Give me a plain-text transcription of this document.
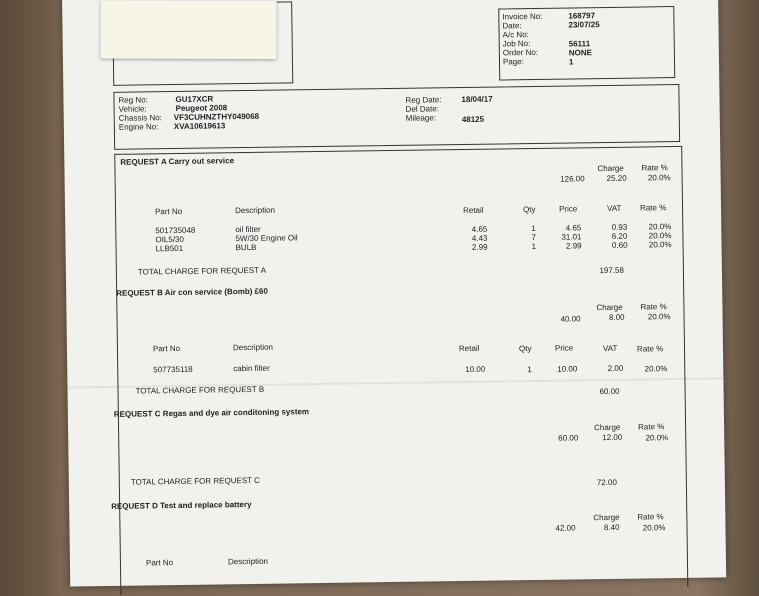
Invoice No:	168797
Date:	23/07/25
A/c No:
Job No:	56111
Order No:	NONE
Page:	1
Reg No:	GU17XCR
Vehicle:	Peugeot 2008
Chassis No: VF3CUHNZTHY049068
Engine No: XVA10619613
Reg Date: 18/04/17
Del Date:
Mileage:	48125
REQUEST A Carry out service
Charge Rate %
126.00	25.20	20.0%
Part No	Description	Retail	Qty	Price	VAT Rate %
501735048	oil filter	4.65	1	4.65	0.93	20.0%
OIL5/30	5W/30 Engine Oil	4.43	7	31.01	6.20	20.0%
LLB501	BULB	2.99	1	2.99	0.60	20.0%
TOTAL CHARGE FOR REQUEST A	197.58
REQUEST B Air con service (Bomb) £60
Charge Rate %
40.00	8.00	20.0%
Part No	Description	Retail	Qty	Price	VAT Rate %
507735118	cabin filter	10.00	1	10.00	2.00	20.0%
TOTAL CHARGE FOR REQUEST B	60.00
REQUEST C Regas and dye air conditoning system
Charge Rate %
60.00	12.00	20.0%
TOTAL CHARGE FOR REQUEST C	72.00
REQUEST D Test and replace battery
Charge Rate %
42.00	8.40	20.0%
Part No	Description
